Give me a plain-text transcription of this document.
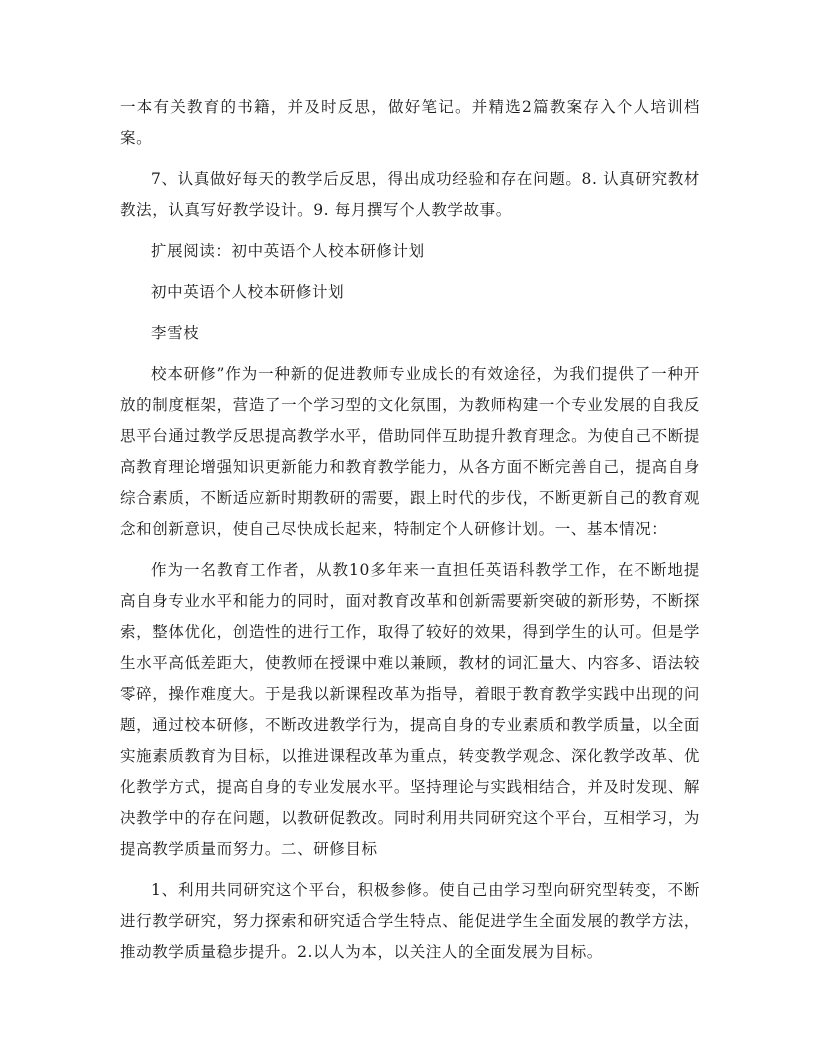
一本有关教育的书籍，并及时反思，做好笔记。并精选2篇教案存入个人培训档案。

7、认真做好每天的教学后反思，得出成功经验和存在问题。8. 认真研究教材教法，认真写好教学设计。9. 每月撰写个人教学故事。

扩展阅读：初中英语个人校本研修计划

初中英语个人校本研修计划

李雪枝

校本研修”作为一种新的促进教师专业成长的有效途径，为我们提供了一种开放的制度框架，营造了一个学习型的文化氛围，为教师构建一个专业发展的自我反思平台通过教学反思提高教学水平，借助同伴互助提升教育理念。为使自己不断提高教育理论增强知识更新能力和教育教学能力，从各方面不断完善自己，提高自身综合素质，不断适应新时期教研的需要，跟上时代的步伐，不断更新自己的教育观念和创新意识，使自己尽快成长起来，特制定个人研修计划。一、基本情况：

作为一名教育工作者，从教10多年来一直担任英语科教学工作，在不断地提高自身专业水平和能力的同时，面对教育改革和创新需要新突破的新形势，不断探索，整体优化，创造性的进行工作，取得了较好的效果，得到学生的认可。但是学生水平高低差距大，使教师在授课中难以兼顾，教材的词汇量大、内容多、语法较零碎，操作难度大。于是我以新课程改革为指导，着眼于教育教学实践中出现的问题，通过校本研修，不断改进教学行为，提高自身的专业素质和教学质量，以全面实施素质教育为目标，以推进课程改革为重点，转变教学观念、深化教学改革、优化教学方式，提高自身的专业发展水平。坚持理论与实践相结合，并及时发现、解决教学中的存在问题，以教研促教改。同时利用共同研究这个平台，互相学习，为提高教学质量而努力。二、研修目标

1、利用共同研究这个平台，积极参修。使自己由学习型向研究型转变，不断进行教学研究，努力探索和研究适合学生特点、能促进学生全面发展的教学方法，推动教学质量稳步提升。2.以人为本，以关注人的全面发展为目标。
